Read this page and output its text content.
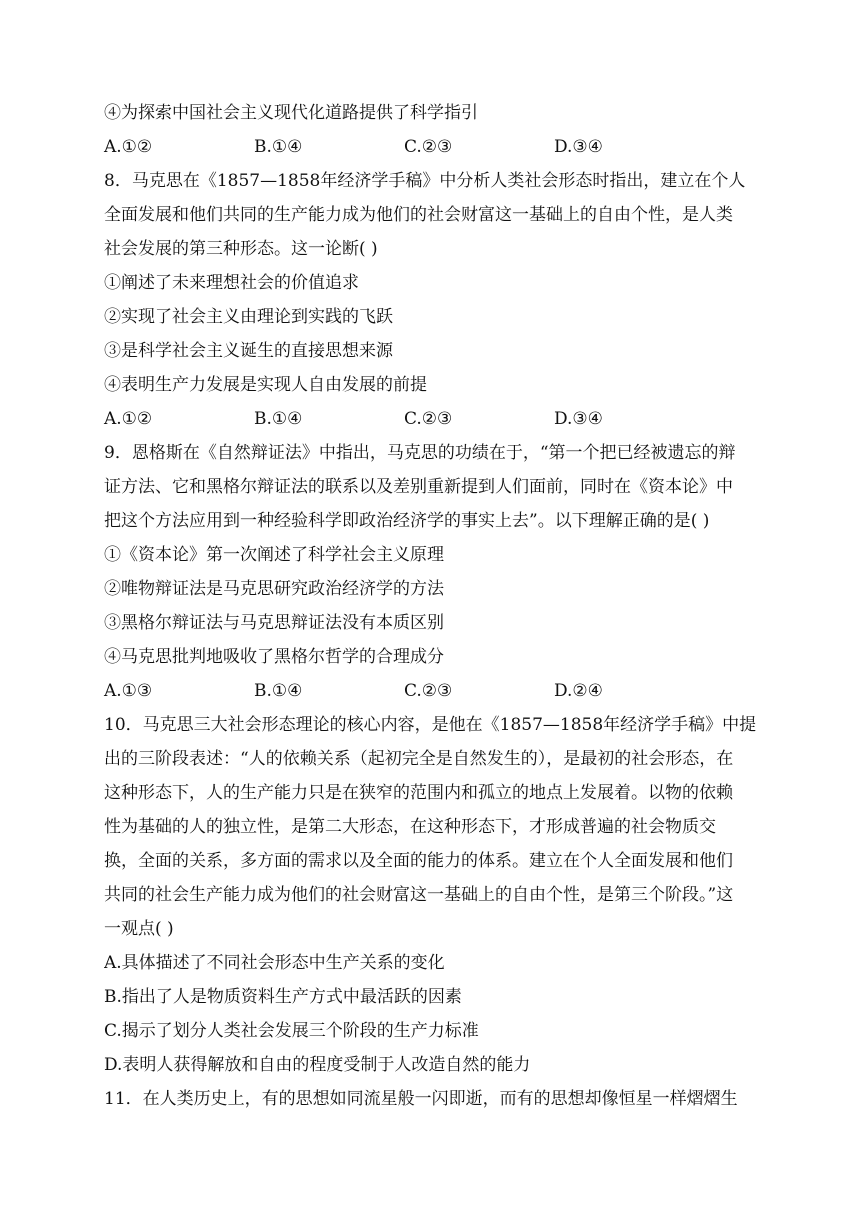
④为探索中国社会主义现代化道路提供了科学指引
A.①②	B.①④	C.②③	D.③④
8．马克思在《1857—1858年经济学手稿》中分析人类社会形态时指出，建立在个人
全面发展和他们共同的生产能力成为他们的社会财富这一基础上的自由个性，是人类
社会发展的第三种形态。这一论断( )
①阐述了未来理想社会的价值追求
②实现了社会主义由理论到实践的飞跃
③是科学社会主义诞生的直接思想来源
④表明生产力发展是实现人自由发展的前提
A.①②	B.①④	C.②③	D.③④
9．恩格斯在《自然辩证法》中指出，马克思的功绩在于，“第一个把已经被遗忘的辩
证方法、它和黑格尔辩证法的联系以及差别重新提到人们面前，同时在《资本论》中
把这个方法应用到一种经验科学即政治经济学的事实上去”。以下理解正确的是( )
①《资本论》第一次阐述了科学社会主义原理
②唯物辩证法是马克思研究政治经济学的方法
③黑格尔辩证法与马克思辩证法没有本质区别
④马克思批判地吸收了黑格尔哲学的合理成分
A.①③	B.①④	C.②③	D.②④
10．马克思三大社会形态理论的核心内容，是他在《1857—1858年经济学手稿》中提
出的三阶段表述：“人的依赖关系（起初完全是自然发生的），是最初的社会形态，在
这种形态下，人的生产能力只是在狭窄的范围内和孤立的地点上发展着。以物的依赖
性为基础的人的独立性，是第二大形态，在这种形态下，才形成普遍的社会物质交
换，全面的关系，多方面的需求以及全面的能力的体系。建立在个人全面发展和他们
共同的社会生产能力成为他们的社会财富这一基础上的自由个性，是第三个阶段。”这
一观点( )
A.具体描述了不同社会形态中生产关系的变化
B.指出了人是物质资料生产方式中最活跃的因素
C.揭示了划分人类社会发展三个阶段的生产力标准
D.表明人获得解放和自由的程度受制于人改造自然的能力
11．在人类历史上，有的思想如同流星般一闪即逝，而有的思想却像恒星一样熠熠生
